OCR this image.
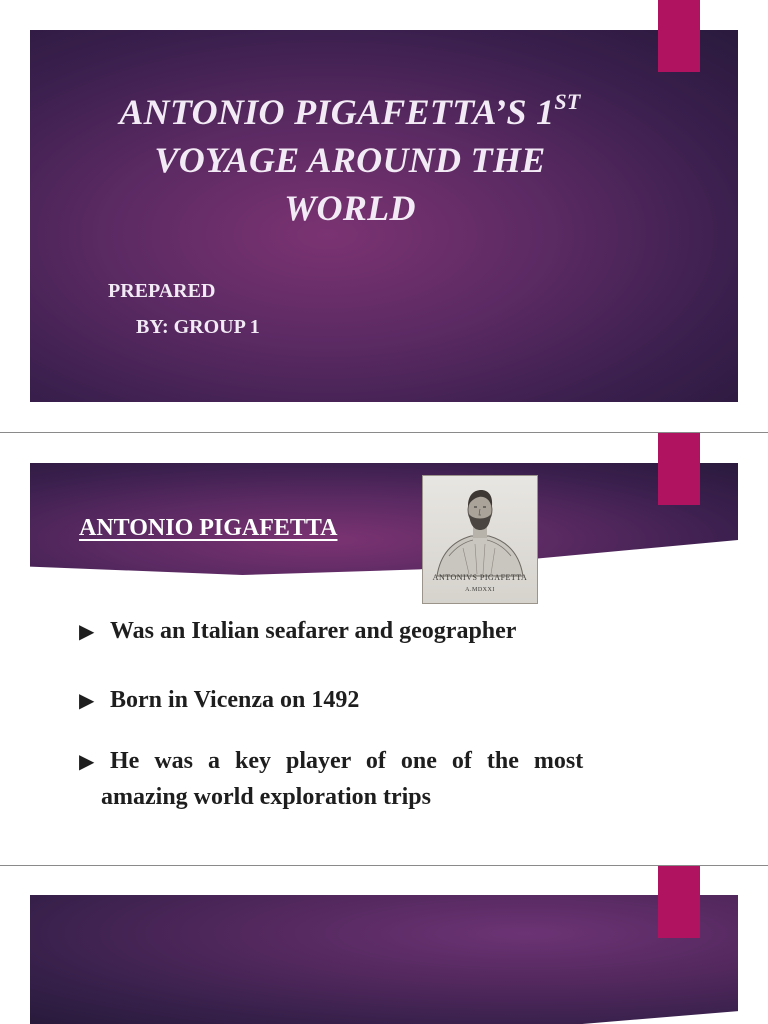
ANTONIO PIGAFETTA’S 1ST
VOYAGE AROUND THE
WORLD
PREPARED
BY: GROUP 1
ANTONIO PIGAFETTA
ANTONIVS PIGAFETTA
A.MDXXI
▶ Was an Italian seafarer and geographer
▶ Born in Vicenza on 1492
▶ He was a key player of one of the most
amazing world exploration trips
